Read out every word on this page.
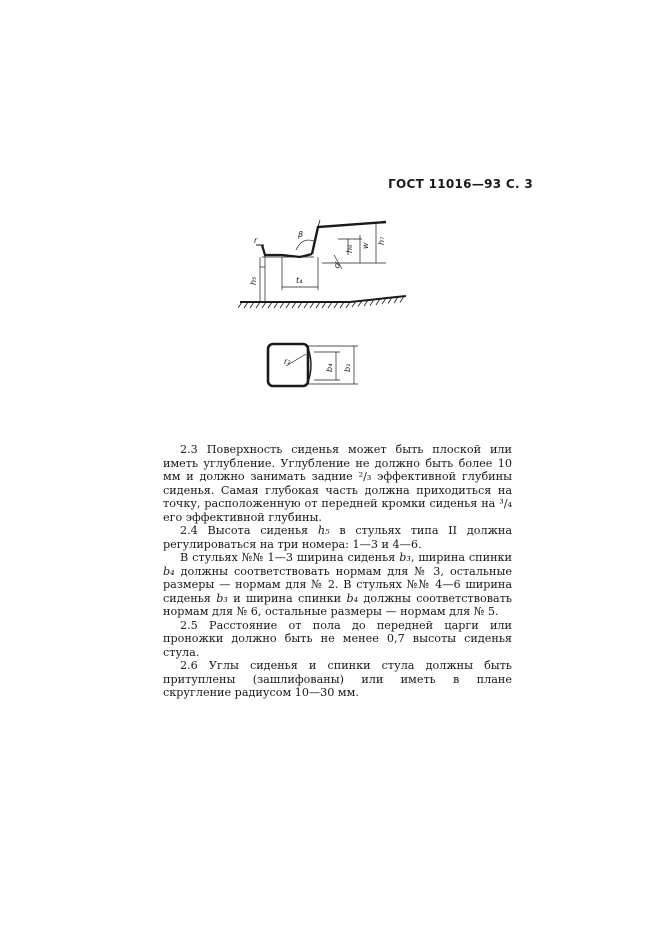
ГОСТ 11016—93 С. 3
r
β
h₆ w
h₇
d
h₅	t₄
r₂
b₄ b₁

2.3 Поверхность сиденья может быть плоской или иметь углубление. Углубление не должно быть более 10 мм и должно занимать задние ²/₃ эффективной глубины сиденья. Самая глубокая часть должна приходиться на точку, расположенную от передней кромки сиденья на ³/₄ его эффективной глубины.

2.4 Высота сиденья h₅ в стульях типа II должна регулироваться на три номера: 1—3 и 4—6.

В стульях №№ 1—3 ширина сиденья b₃, ширина спинки b₄ должны соответствовать нормам для № 3, остальные размеры — нормам для № 2. В стульях №№ 4—6 ширина сиденья b₃ и ширина спинки b₄ должны соответствовать нормам для № 6, остальные размеры — нормам для № 5.

2.5 Расстояние от пола до передней царги или проножки должно быть не менее 0,7 высоты сиденья стула.

2.6 Углы сиденья и спинки стула должны быть притуплены (зашлифованы) или иметь в плане скругление радиусом 10—30 мм.
